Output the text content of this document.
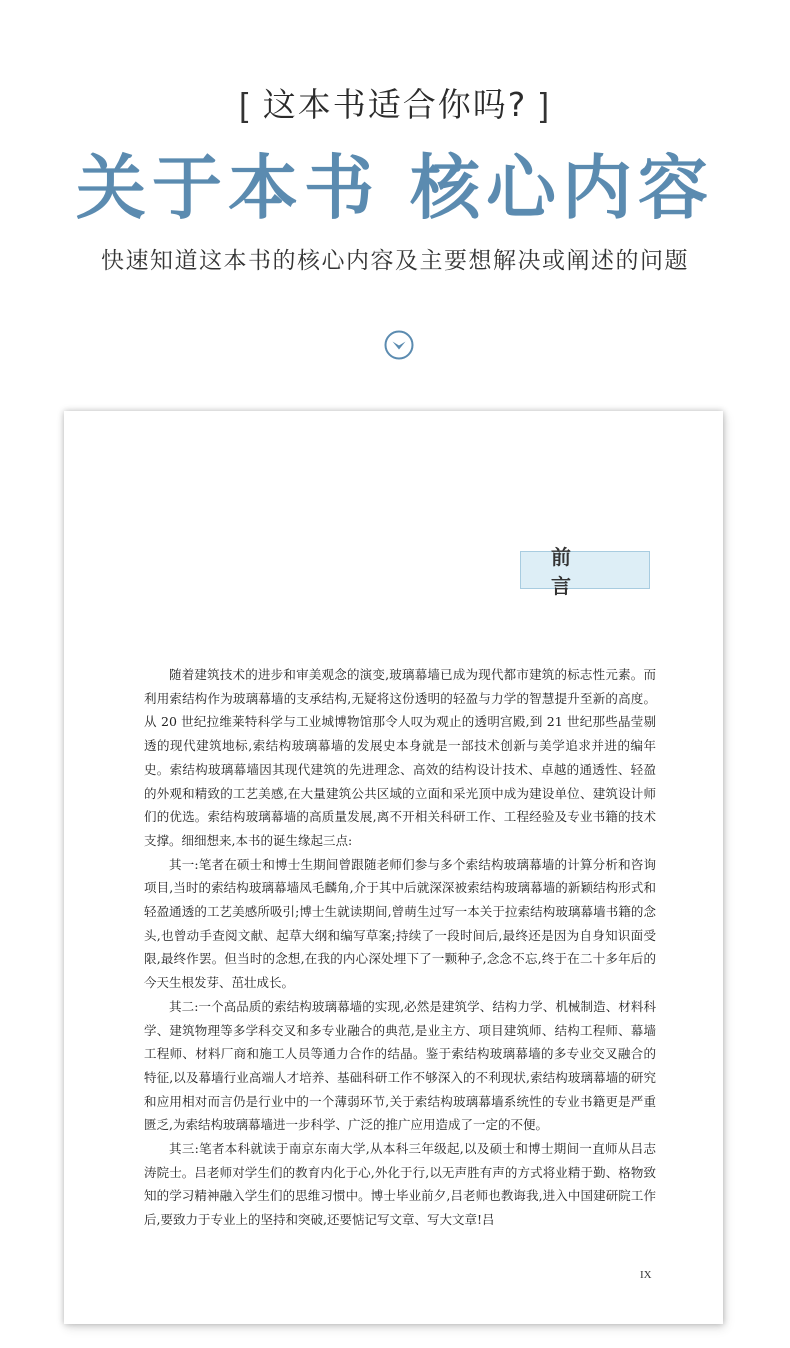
[ 这本书适合你吗? ]
关于本书 核心内容
快速知道这本书的核心内容及主要想解决或阐述的问题
前言

随着建筑技术的进步和审美观念的演变,玻璃幕墙已成为现代都市建筑的标志性元素。而利用索结构作为玻璃幕墙的支承结构,无疑将这份透明的轻盈与力学的智慧提升至新的高度。从 20 世纪拉维莱特科学与工业城博物馆那令人叹为观止的透明宫殿,到 21 世纪那些晶莹剔透的现代建筑地标,索结构玻璃幕墙的发展史本身就是一部技术创新与美学追求并进的编年史。索结构玻璃幕墙因其现代建筑的先进理念、高效的结构设计技术、卓越的通透性、轻盈的外观和精致的工艺美感,在大量建筑公共区域的立面和采光顶中成为建设单位、建筑设计师们的优选。索结构玻璃幕墙的高质量发展,离不开相关科研工作、工程经验及专业书籍的技术支撑。细细想来,本书的诞生缘起三点:

其一:笔者在硕士和博士生期间曾跟随老师们参与多个索结构玻璃幕墙的计算分析和咨询项目,当时的索结构玻璃幕墙凤毛麟角,介于其中后就深深被索结构玻璃幕墙的新颖结构形式和轻盈通透的工艺美感所吸引;博士生就读期间,曾萌生过写一本关于拉索结构玻璃幕墙书籍的念头,也曾动手查阅文献、起草大纲和编写草案;持续了一段时间后,最终还是因为自身知识面受限,最终作罢。但当时的念想,在我的内心深处埋下了一颗种子,念念不忘,终于在二十多年后的今天生根发芽、茁壮成长。

其二:一个高品质的索结构玻璃幕墙的实现,必然是建筑学、结构力学、机械制造、材料科学、建筑物理等多学科交叉和多专业融合的典范,是业主方、项目建筑师、结构工程师、幕墙工程师、材料厂商和施工人员等通力合作的结晶。鉴于索结构玻璃幕墙的多专业交叉融合的特征,以及幕墙行业高端人才培养、基础科研工作不够深入的不利现状,索结构玻璃幕墙的研究和应用相对而言仍是行业中的一个薄弱环节,关于索结构玻璃幕墙系统性的专业书籍更是严重匮乏,为索结构玻璃幕墙进一步科学、广泛的推广应用造成了一定的不便。

其三:笔者本科就读于南京东南大学,从本科三年级起,以及硕士和博士期间一直师从吕志涛院士。吕老师对学生们的教育内化于心,外化于行,以无声胜有声的方式将业精于勤、格物致知的学习精神融入学生们的思维习惯中。博士毕业前夕,吕老师也教诲我,进入中国建研院工作后,要致力于专业上的坚持和突破,还要惦记写文章、写大文章!吕

IX
